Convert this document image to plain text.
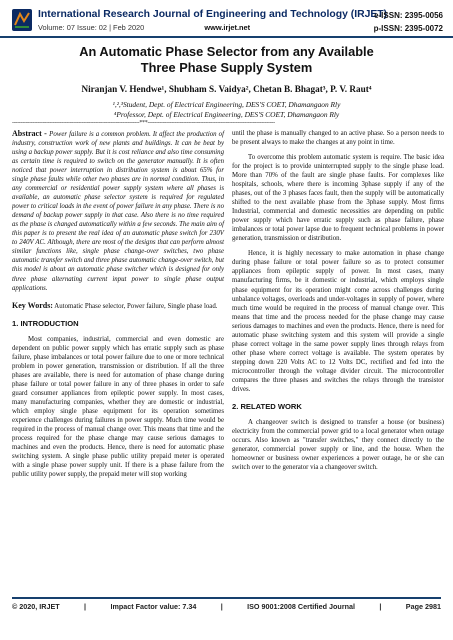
International Research Journal of Engineering and Technology (IRJET)
Volume: 07 Issue: 02 | Feb 2020	www.irjet.net
e-ISSN: 2395-0056
p-ISSN: 2395-0072
An Automatic Phase Selector from any Available
Three Phase Supply System
Niranjan V. Hendwe¹, Shubham S. Vaidya², Chetan B. Bhagat³, P. V. Raut⁴
¹,²,³Student, Dept. of Electrical Engineering, DES'S COET, Dhamangaon Rly
⁴Professor, Dept. of Electrical Engineering, DES'S COET, Dhamangaon Rly
---------------------------------------------------------------------------***---------------------------------------------------------------------------

Abstract - Power failure is a common problem. It affect the production of industry, construction work of new plants and buildings. It can be beat by using a backup power supply. But it is cost reliance and also time consuming as certain time is required to switch on the generator manually. It is often noticed that power interruption in distribution system is about 65% for single phase faults while other two phases are in normal condition. Thus, in any commercial or residential power supply system where all phases is available, an automatic phase selector system is required for regulated power to critical loads in the event of power failure in any phase. There is no demand of backup power supply in that case. Also there is no time required as the phase is changed automatically within a few seconds. The main aim of this paper is to present the real idea of an automatic phase switch for 230V to 240V AC. Although, there are most of the designs that can perform almost similar functions like, single phase change-over switches, two phase automatic transfer switch and three phase automatic change-over switch, but this model is about an automatic phase switcher which is designed for only three phase alternating current input power to single phase output applications.

Key Words: Automatic Phase selector, Power failure, Single phase load.

1. INTRODUCTION

Most companies, industrial, commercial and even domestic are dependent on public power supply which has erratic supply such as phase failure, phase imbalances or total power failure due to one or more technical problem in power generation, transmission or distribution. If all the three phases are available, there is need for automation of phase change during phase failure or total power failure in any of three phases in order to safe guard consumer appliances from epileptic power supply. In most cases, many manufacturing companies, whether they are domestic or industrial, which employ single phase equipment for its operation sometimes experience challenges during failures in power supply. Much time would be required in the process of manual change over. This means that time and the process required for the phase change may cause serious damages to machines and even the products. Hence, there is need for automatic phase switching system. A single phase public utility prepaid meter is operated with a single phase power supply unit. If there is a phase failure from the public utility power supply, the prepaid meter will stop working

until the phase is manually changed to an active phase. So a person needs to be present always to make the changes at any point in time.

To overcome this problem automatic system is require. The basic idea for the project is to provide uninterrupted supply to the single phase load. More than 70% of the fault are single phase faults. For complexes like hospitals, schools, where there is incoming 3phase supply if any of the phases, out of the 3 phases faces fault, then the supply will be automatically shifted to the next available phase from the 3phase supply. Most firms Industrial, commercial and domestic necessities are depending on public power supply which have erratic supply such as phase failure, phase imbalances or total power lapse due to frequent technical problems in power generation, transmission or distribution.

Hence, it is highly necessary to make automation in phase change during phase failure or total power failure so as to protect consumer appliances from epileptic supply of power. In most cases, many manufacturing firms, be it domestic or industrial, which employs single phase equipment for its operation might come across challenges during unbalance voltages, overloads and under-voltages in supply of power, where much time would be required in the process of manual change over. This means that time and the process needed for the phase change may cause serious damages to machines and even the products. Hence, there is need for automatic phase switching system and this system will provide a single phase correct voltage in the same power supply lines through relays from other phase where correct voltage is available. The system operates by stepping down 220 Volts AC to 12 Volts DC, rectified and fed into the microcontroller through the voltage divider circuit. The microcontroller compares the three phases and switches the relays through the transistor drives.

2. RELATED WORK

A changeover switch is designed to transfer a house (or business) electricity from the commercial power grid to a local generator when outage occurs. Also known as "transfer switches," they connect directly to the generator, commercial power supply or line, and the house. When the homeowner or business owner experiences a power outage, he or she can switch over to the generator via a changeover switch.

© 2020, IRJET	|	Impact Factor value: 7.34	|	ISO 9001:2008 Certified Journal	|	Page 2981
